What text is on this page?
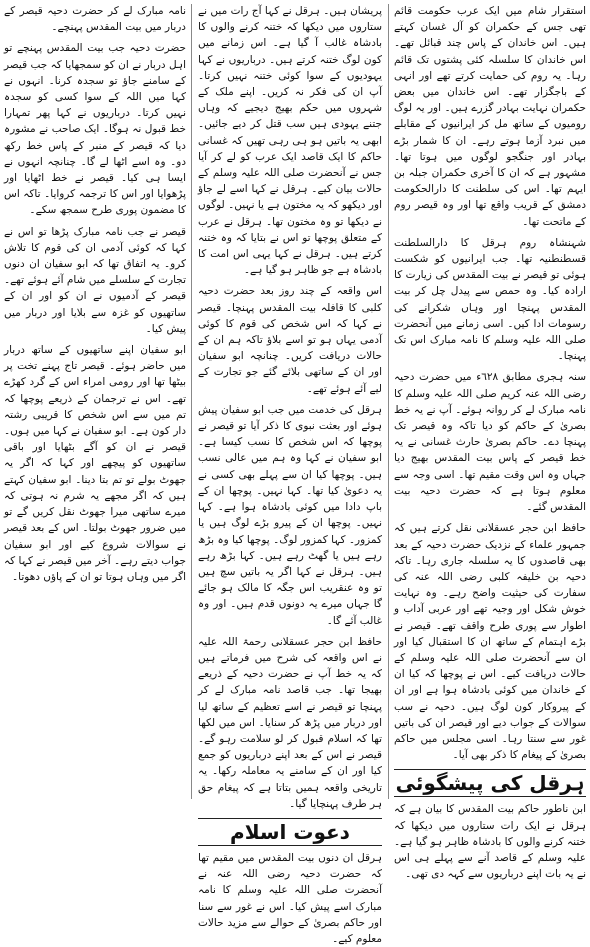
استقرار شام میں ایک عرب حکومت قائم تھی جس کے حکمران کو آل غسان کہتے ہیں۔ اس خاندان کے پاس چند قبائل تھے۔ اس خاندان کا سلسلہ کئی پشتوں تک قائم رہا۔ یہ روم کی حمایت کرتے تھے اور انہی کے باجگزار تھے۔ اس خاندان میں بعض حکمران نہایت بہادر گزرے ہیں۔ اور یہ لوگ رومیوں کے ساتھ مل کر ایرانیوں کے مقابلے میں نبرد آزما ہوتے رہے۔ ان کا شمار بڑے بہادر اور جنگجو لوگوں میں ہوتا تھا۔ مشہور ہے کہ ان کا آخری حکمران جبلہ بن ایہم تھا۔ اس کی سلطنت کا دارالحکومت دمشق کے قریب واقع تھا اور وہ قیصر روم کے ماتحت تھا۔

شہنشاہ روم ہرقل کا دارالسلطنت قسطنطنیہ تھا۔ جب ایرانیوں کو شکست ہوئی تو قیصر نے بیت المقدس کی زیارت کا ارادہ کیا۔ وہ حمص سے پیدل چل کر بیت المقدس پہنچا اور وہاں شکرانے کی رسومات ادا کیں۔ اسی زمانے میں آنحضرت صلی اللہ علیہ وسلم کا نامہ مبارک اس تک پہنچا۔

سنہ ہجری مطابق ٦٢٨ء میں حضرت دحیہ رضی اللہ عنہ کریم صلی اللہ علیہ وسلم کا نامہ مبارک لے کر روانہ ہوئے۔ آپ نے یہ خط بصریٰ کے حاکم کو دیا تاکہ وہ قیصر تک پہنچا دے۔ حاکم بصریٰ حارث غسانی نے یہ خط قیصر کے پاس بیت المقدس بھیج دیا جہاں وہ اس وقت مقیم تھا۔ اسی وجہ سے معلوم ہوتا ہے کہ حضرت دحیہ بیت المقدس گئے۔

حافظ ابن حجر عسقلانی نقل کرتے ہیں کہ جمہور علماء کے نزدیک حضرت دحیہ کے بعد بھی قاصدوں کا یہ سلسلہ جاری رہا۔ تاکہ دحیہ بن خلیفہ کلبی رضی اللہ عنہ کی سفارت کی حیثیت واضح رہے۔ وہ نہایت خوش شکل اور وجیہ تھے اور عربی آداب و اطوار سے پوری طرح واقف تھے۔ قیصر نے بڑے اہتمام کے ساتھ ان کا استقبال کیا اور ان سے آنحضرت صلی اللہ علیہ وسلم کے حالات دریافت کیے۔ اس نے پوچھا کہ کیا ان کے خاندان میں کوئی بادشاہ ہوا ہے اور ان کے پیروکار کون لوگ ہیں۔ دحیہ نے سب سوالات کے جواب دیے اور قیصر ان کی باتیں غور سے سنتا رہا۔ اسی مجلس میں حاکم بصریٰ کے پیغام کا ذکر بھی آیا۔

ہرقل کی پیشگوئی

ابن ناطور حاکم بیت المقدس کا بیان ہے کہ ہرقل نے ایک رات ستاروں میں دیکھا کہ ختنہ کرنے والوں کا بادشاہ ظاہر ہو گیا ہے۔ علیہ وسلم کے قاصد آنے سے پہلے ہی اس نے یہ بات اپنے درباریوں سے کہہ دی تھی۔

پریشان ہیں۔ ہرقل نے کہا آج رات میں نے ستاروں میں دیکھا کہ ختنہ کرنے والوں کا بادشاہ غالب آ گیا ہے۔ اس زمانے میں کون لوگ ختنہ کرتے ہیں۔ درباریوں نے کہا یہودیوں کے سوا کوئی ختنہ نہیں کرتا۔ آپ ان کی فکر نہ کریں۔ اپنے ملک کے شہروں میں حکم بھیج دیجیے کہ وہاں جتنے یہودی ہیں سب قتل کر دیے جائیں۔ ابھی یہ باتیں ہو ہی رہی تھیں کہ غسانی حاکم کا ایک قاصد ایک عرب کو لے کر آیا جس نے آنحضرت صلی اللہ علیہ وسلم کے حالات بیان کیے۔ ہرقل نے کہا اسے لے جاؤ اور دیکھو کہ یہ مختون ہے یا نہیں۔ لوگوں نے دیکھا تو وہ مختون تھا۔ ہرقل نے عرب کے متعلق پوچھا تو اس نے بتایا کہ وہ ختنہ کرتے ہیں۔ ہرقل نے کہا یہی اس امت کا بادشاہ ہے جو ظاہر ہو گیا ہے۔

اس واقعہ کے چند روز بعد حضرت دحیہ کلبی کا قافلہ بیت المقدس پہنچا۔ قیصر نے کہا کہ اس شخص کی قوم کا کوئی آدمی یہاں ہو تو اسے بلاؤ تاکہ ہم ان کے حالات دریافت کریں۔ چنانچہ ابو سفیان اور ان کے ساتھی بلائے گئے جو تجارت کے لیے آئے ہوئے تھے۔

ہرقل کی خدمت میں جب ابو سفیان پیش ہوئے اور بعثت نبوی کا ذکر آیا تو قیصر نے پوچھا کہ اس شخص کا نسب کیسا ہے۔ ابو سفیان نے کہا وہ ہم میں عالی نسب ہیں۔ پوچھا کیا ان سے پہلے بھی کسی نے یہ دعویٰ کیا تھا۔ کہا نہیں۔ پوچھا ان کے باپ دادا میں کوئی بادشاہ ہوا ہے۔ کہا نہیں۔ پوچھا ان کے پیرو بڑے لوگ ہیں یا کمزور۔ کہا کمزور لوگ۔ پوچھا کیا وہ بڑھ رہے ہیں یا گھٹ رہے ہیں۔ کہا بڑھ رہے ہیں۔ ہرقل نے کہا اگر یہ باتیں سچ ہیں تو وہ عنقریب اس جگہ کا مالک ہو جائے گا جہاں میرے یہ دونوں قدم ہیں۔ اور وہ غالب آئے گا۔

حافظ ابن حجر عسقلانی رحمۃ اللہ علیہ نے اس واقعہ کی شرح میں فرماتے ہیں کہ یہ خط آپ نے حضرت دحیہ کے ذریعے بھیجا تھا۔ جب قاصد نامہ مبارک لے کر پہنچا تو قیصر نے اسے تعظیم کے ساتھ لیا اور دربار میں پڑھ کر سنایا۔ اس میں لکھا تھا کہ اسلام قبول کر لو سلامت رہو گے۔ قیصر نے اس کے بعد اپنے درباریوں کو جمع کیا اور ان کے سامنے یہ معاملہ رکھا۔ یہ تاریخی واقعہ ہمیں بتاتا ہے کہ پیغام حق ہر طرف پہنچایا گیا۔

دعوت اسلام

ہرقل ان دنوں بیت المقدس میں مقیم تھا کہ حضرت دحیہ رضی اللہ عنہ نے آنحضرت صلی اللہ علیہ وسلم کا نامہ مبارک اسے پیش کیا۔ اس نے غور سے سنا اور حاکم بصریٰ کے حوالے سے مزید حالات معلوم کیے۔

نامہ مبارک لے کر حضرت دحیہ قیصر کے دربار میں بیت المقدس پہنچے۔

حضرت دحیہ جب بیت المقدس پہنچے تو اہل دربار نے ان کو سمجھایا کہ جب قیصر کے سامنے جاؤ تو سجدہ کرنا۔ انہوں نے کہا میں اللہ کے سوا کسی کو سجدہ نہیں کرتا۔ درباریوں نے کہا پھر تمہارا خط قبول نہ ہوگا۔ ایک صاحب نے مشورہ دیا کہ قیصر کے منبر کے پاس خط رکھ دو۔ وہ اسے اٹھا لے گا۔ چنانچہ انہوں نے ایسا ہی کیا۔ قیصر نے خط اٹھایا اور پڑھوایا اور اس کا ترجمہ کروایا۔ تاکہ اس کا مضمون پوری طرح سمجھ سکے۔

قیصر نے جب نامہ مبارک پڑھا تو اس نے کہا کہ کوئی آدمی ان کی قوم کا تلاش کرو۔ یہ اتفاق تھا کہ ابو سفیان ان دنوں تجارت کے سلسلے میں شام آئے ہوئے تھے۔ قیصر کے آدمیوں نے ان کو اور ان کے ساتھیوں کو غزہ سے بلایا اور دربار میں پیش کیا۔

ابو سفیان اپنے ساتھیوں کے ساتھ دربار میں حاضر ہوئے۔ قیصر تاج پہنے تخت پر بیٹھا تھا اور رومی امراء اس کے گرد کھڑے تھے۔ اس نے ترجمان کے ذریعے پوچھا کہ تم میں سے اس شخص کا قریبی رشتہ دار کون ہے۔ ابو سفیان نے کہا میں ہوں۔ قیصر نے ان کو آگے بٹھایا اور باقی ساتھیوں کو پیچھے اور کہا کہ اگر یہ جھوٹ بولے تو تم بتا دینا۔ ابو سفیان کہتے ہیں کہ اگر مجھے یہ شرم نہ ہوتی کہ میرے ساتھی میرا جھوٹ نقل کریں گے تو میں ضرور جھوٹ بولتا۔ اس کے بعد قیصر نے سوالات شروع کیے اور ابو سفیان جواب دیتے رہے۔ آخر میں قیصر نے کہا کہ اگر میں وہاں ہوتا تو ان کے پاؤں دھوتا۔
